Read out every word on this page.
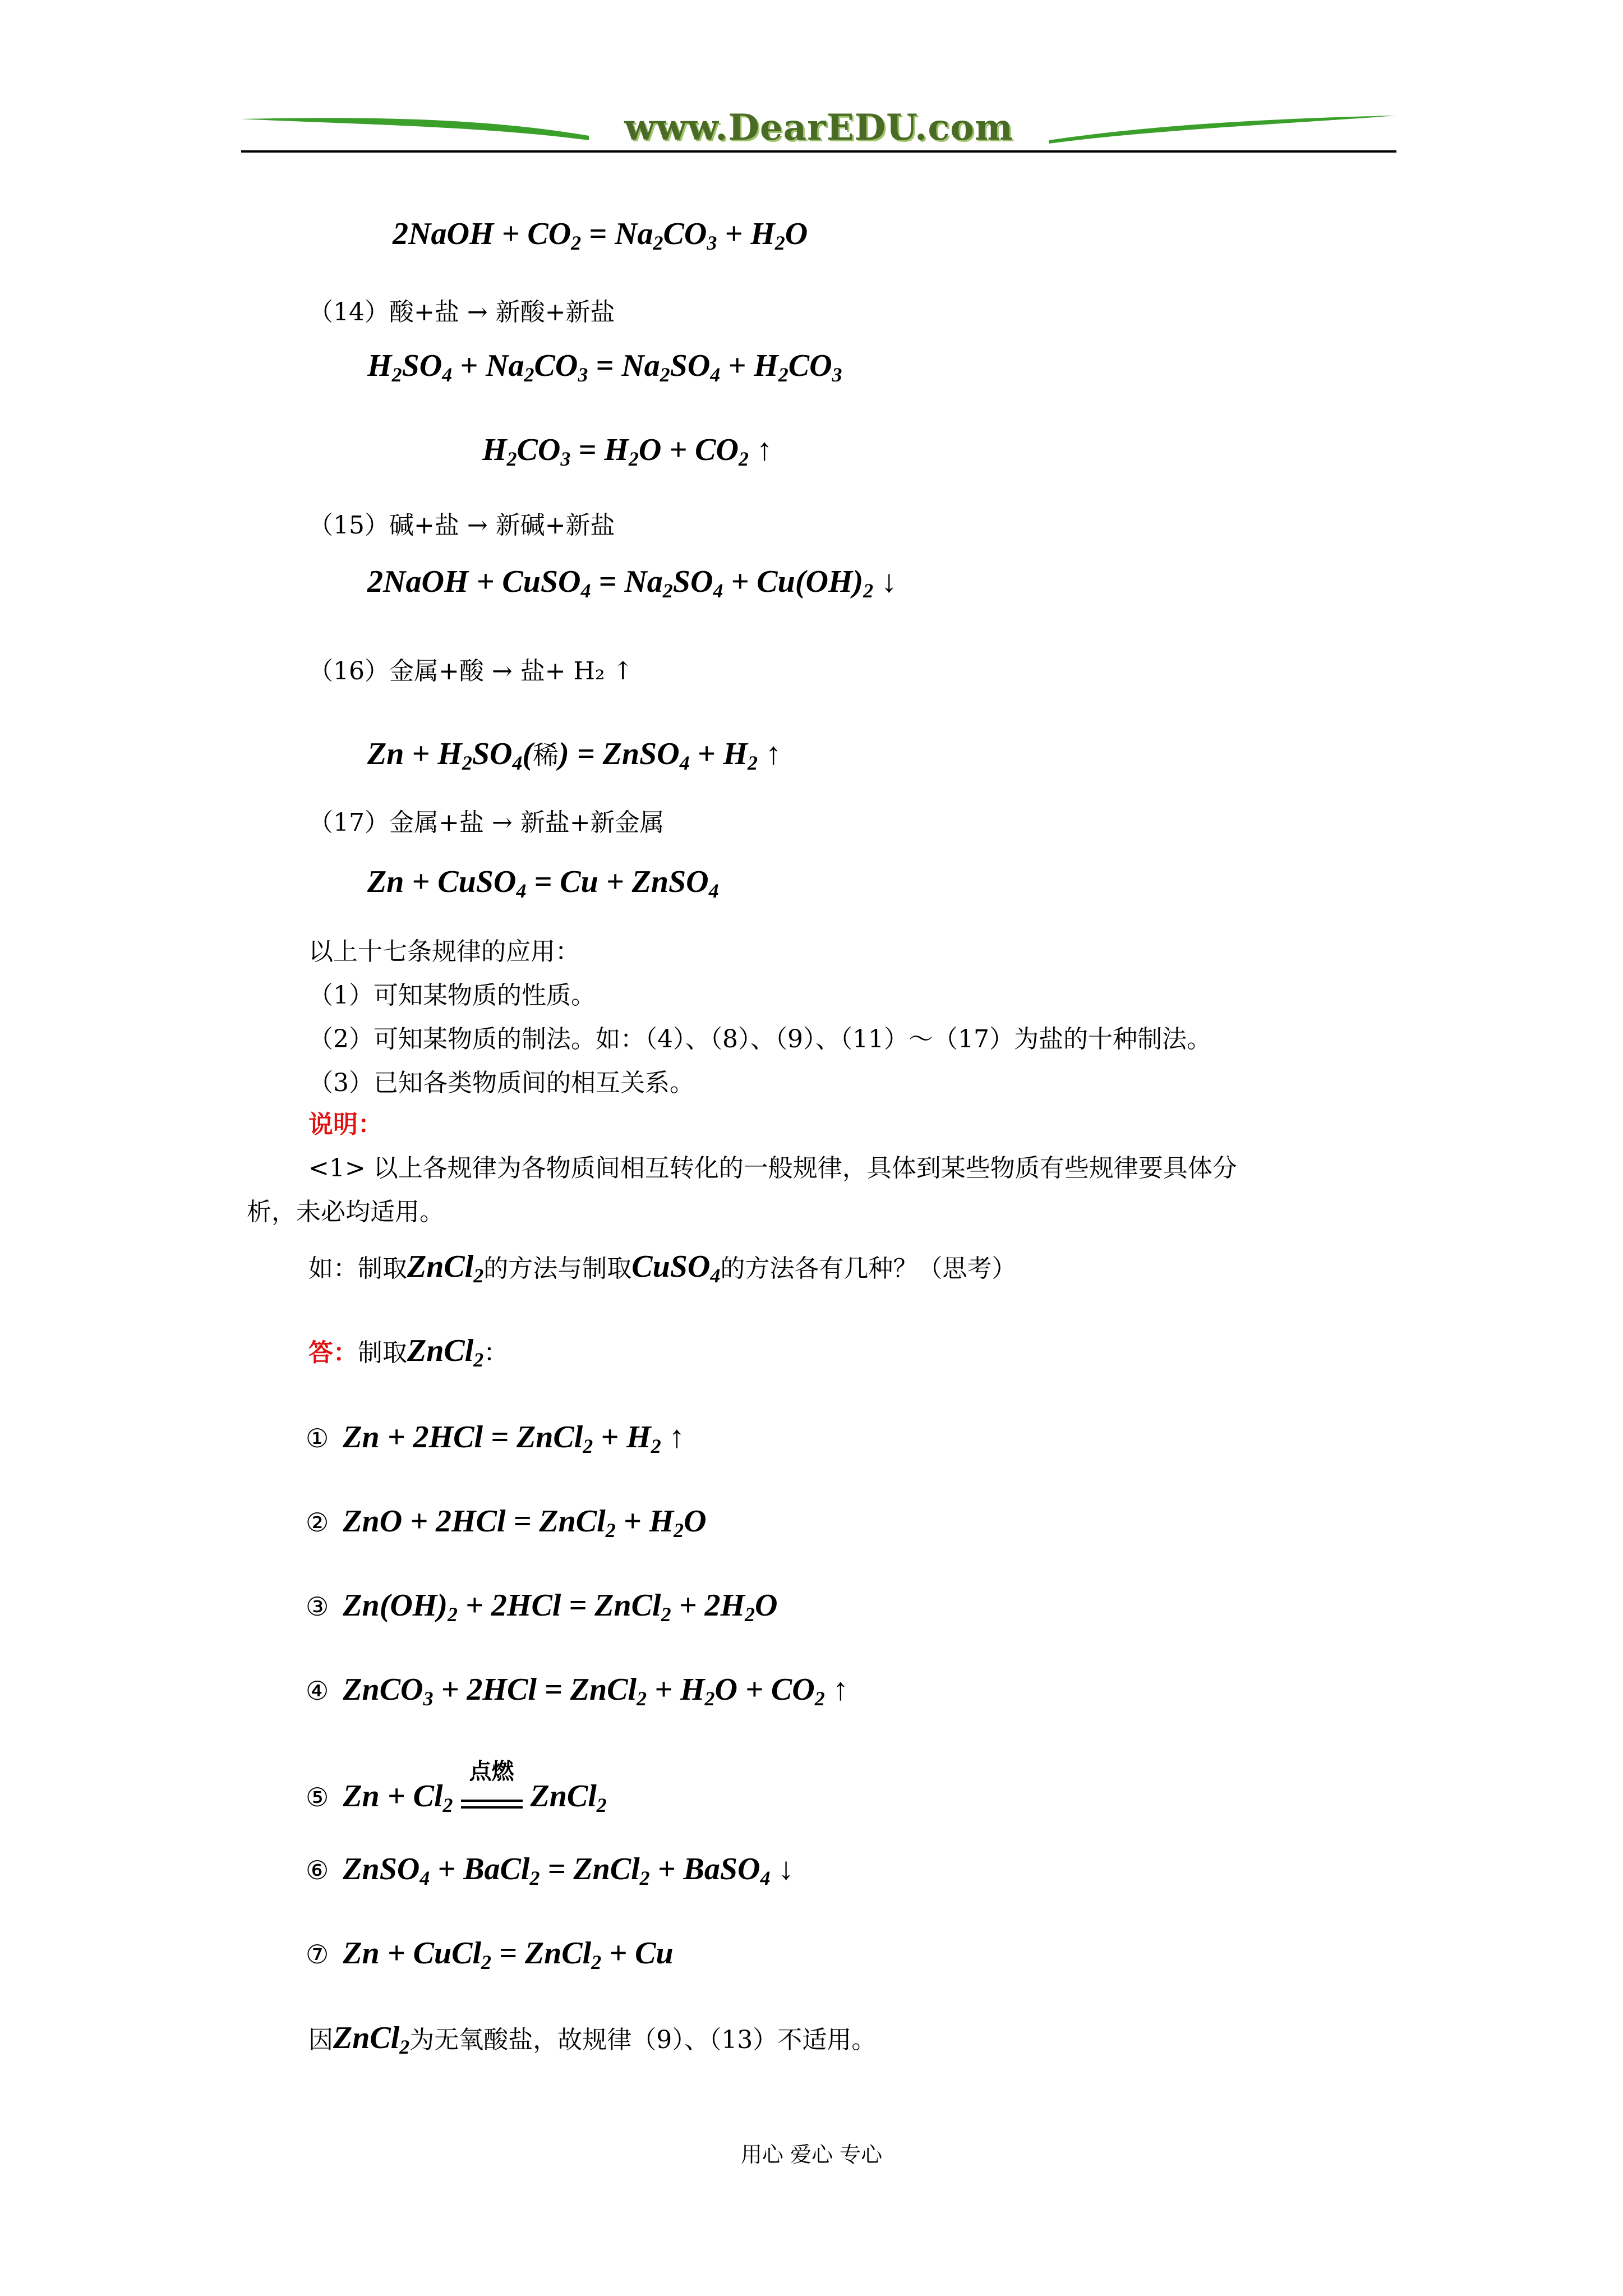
www.DearEDU.com
2NaOH + $CO_2 = Na_2CO_3 + H_2O$
（14）酸+盐 → 新酸+新盐
$H_2SO_4 + Na_2CO_3 = Na_2SO_4 + H_2CO_3$
$H_2CO_3 = H_2O + CO_2$ ↑
（15）碱+盐 → 新碱+新盐
2NaOH + CuSO$_4$ = $Na_2SO_4 + Cu(OH)_2$ ↓
（16）金属+酸 → 盐+ H₂ ↑
$Zn + H_2SO_4$(稀) = ZnSO$_4$ + $H_2$ ↑
（17）金属+盐 → 新盐+新金属
Zn + CuSO$_4$ = Cu + ZnSO$_4$
以上十七条规律的应用：
（1）可知某物质的性质。
（2）可知某物质的制法。如：（4）、（8）、（9）、（11）～（17）为盐的十种制法。
（3）已知各类物质间的相互关系。
说明：
<1> 以上各规律为各物质间相互转化的一般规律，具体到某些物质有些规律要具体分
析，未必均适用。
如：制取ZnCl$_2$的方法与制取CuSO$_4$的方法各有几种？（思考）
答：制取ZnCl$_2$：
① Zn + 2HCl = ZnCl$_2$ + $H_2$ ↑
② ZnO + 2HCl = ZnCl$_2$ + $H_2O$
③ $Zn(OH)_2 + 2HCl$ = ZnCl$_2$ + $2H_2O$
④ ZnCO$_3$ + 2HCl = ZnCl$_2$ + $H_2O + CO_2$ ↑
⑤ $Zn + Cl_2$
点燃
ZnCl$_2$
⑥ ZnSO$_4$ + BaCl$_2$ = ZnCl$_2$ + BaSO$_4$ ↓
⑦ Zn + CuCl$_2$ = ZnCl$_2$ + Cu
因ZnCl$_2$为无氧酸盐，故规律（9）、（13）不适用。
用心 爱心 专心
